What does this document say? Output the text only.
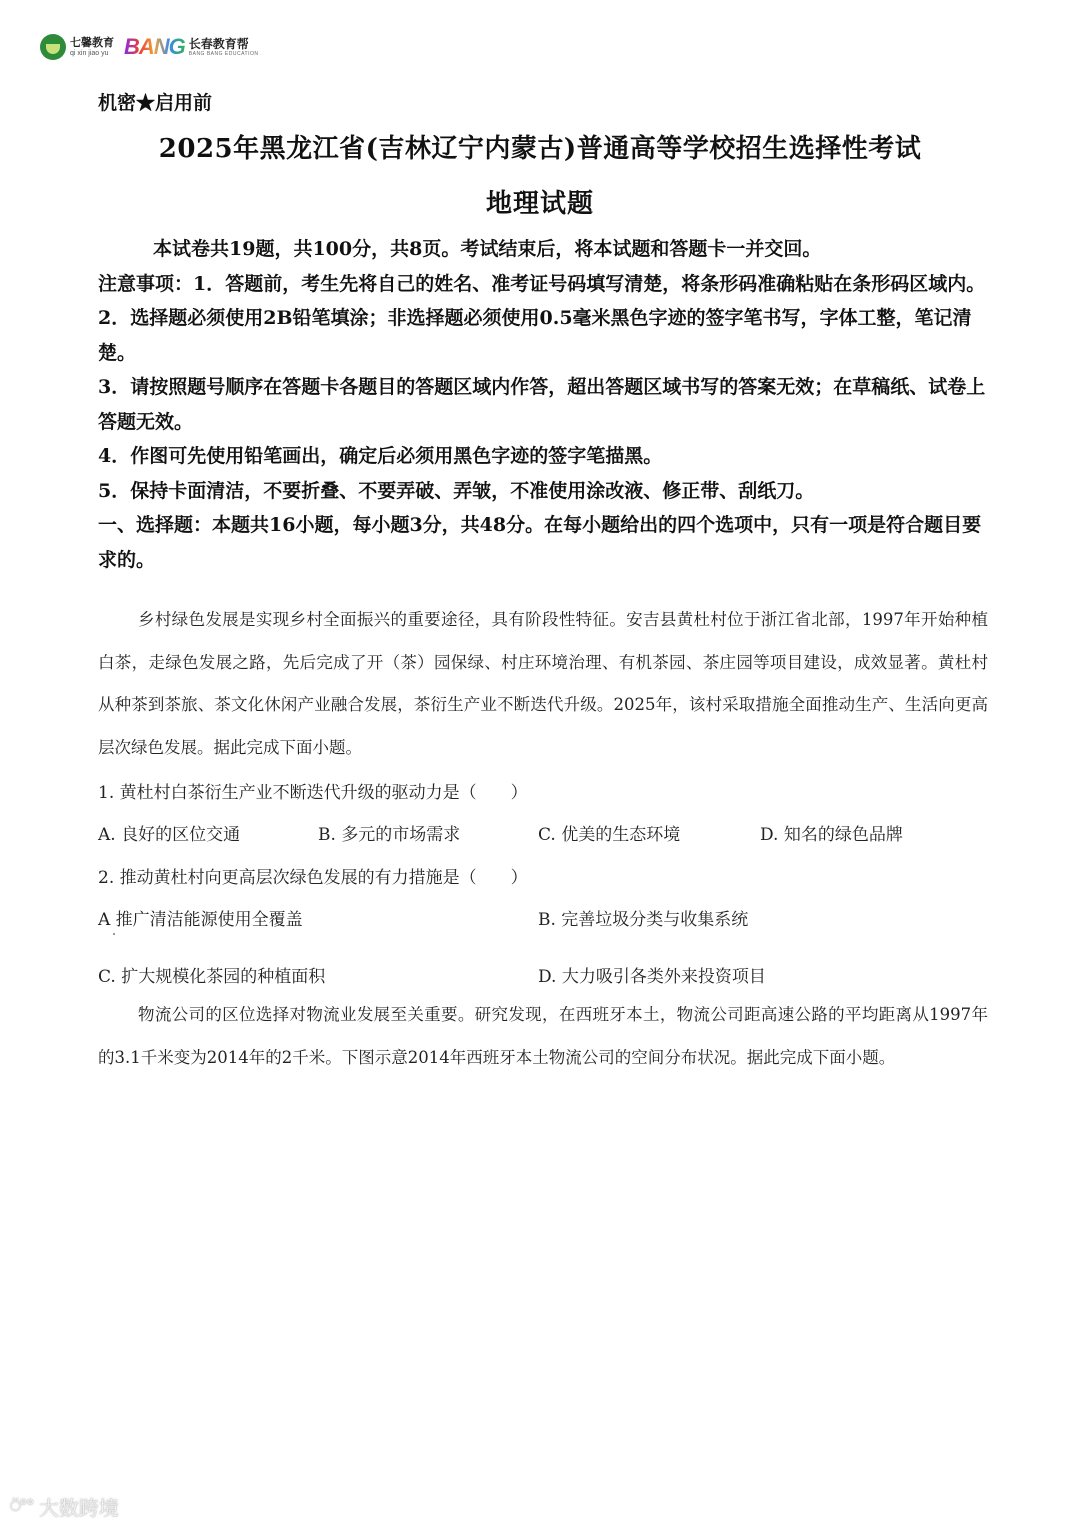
七馨教育
qi xin jiao yu BANG 长春教育帮
BANG BANG EDUCATION
机密★启用前
2025年黑龙江省(吉林辽宁内蒙古)普通高等学校招生选择性考试
地理试题

本试卷共19题，共100分，共8页。考试结束后，将本试题和答题卡一并交回。

注意事项：1．答题前，考生先将自己的姓名、准考证号码填写清楚，将条形码准确粘贴在条形码区域内。

2．选择题必须使用2B铅笔填涂；非选择题必须使用0.5毫米黑色字迹的签字笔书写，字体工整，笔记清楚。

3．请按照题号顺序在答题卡各题目的答题区域内作答，超出答题区域书写的答案无效；在草稿纸、试卷上答题无效。

4．作图可先使用铅笔画出，确定后必须用黑色字迹的签字笔描黑。

5．保持卡面清洁，不要折叠、不要弄破、弄皱，不准使用涂改液、修正带、刮纸刀。

一、选择题：本题共16小题，每小题3分，共48分。在每小题给出的四个选项中，只有一项是符合题目要求的。

乡村绿色发展是实现乡村全面振兴的重要途径，具有阶段性特征。安吉县黄杜村位于浙江省北部，1997年开始种植白茶，走绿色发展之路，先后完成了开（茶）园保绿、村庄环境治理、有机茶园、茶庄园等项目建设，成效显著。黄杜村从种茶到茶旅、茶文化休闲产业融合发展，茶衍生产业不断迭代升级。2025年，该村采取措施全面推动生产、生活向更高层次绿色发展。据此完成下面小题。

1. 黄杜村白茶衍生产业不断迭代升级的驱动力是（　　）
A. 良好的区位交通	B. 多元的市场需求	C. 优美的生态环境	D. 知名的绿色品牌
2. 推动黄杜村向更高层次绿色发展的有力措施是（　　）
A 推广清洁能源使用全覆盖	B. 完善垃圾分类与收集系统
C. 扩大规模化茶园的种植面积	D. 大力吸引各类外来投资项目

物流公司的区位选择对物流业发展至关重要。研究发现，在西班牙本土，物流公司距高速公路的平均距离从1997年的3.1千米变为2014年的2千米。下图示意2014年西班牙本土物流公司的空间分布状况。据此完成下面小题。

⍥°° 大数跨境
